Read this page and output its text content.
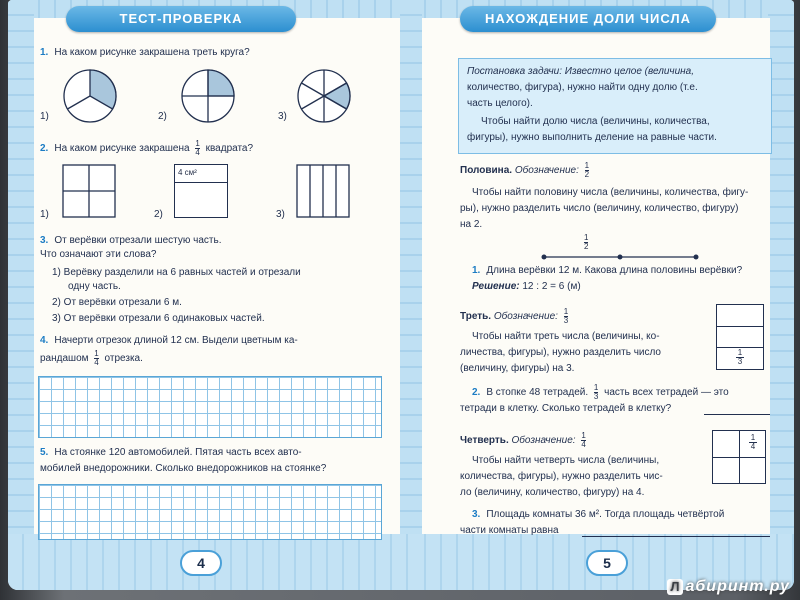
ТЕСТ-ПРОВЕРКА
1. На каком рисунке закрашена треть круга?
1)	2)	3)
2. На каком рисунке закрашена $\frac{1}{4}$ квадрата?
1)	2)	3)
4 см²
3. От верёвки отрезали шестую часть.
Что означают эти слова?
1) Верёвку разделили на 6 равных частей и отрезали
одну часть.
2) От верёвки отрезали 6 м.
3) От верёвки отрезали 6 одинаковых частей.
4. Начерти отрезок длиной 12 см. Выдели цветным ка-
рандашом $\frac{1}{4}$ отрезка.
5. На стоянке 120 автомобилей. Пятая часть всех авто-
мобилей внедорожники. Сколько внедорожников на стоянке?
4
НАХОЖДЕНИЕ ДОЛИ ЧИСЛА
Постановка задачи: Известно целое (величина,
количество, фигура), нужно найти одну долю (т.е.
часть целого).
Чтобы найти долю числа (величины, количества,
фигуры), нужно выполнить деление на равные части.
Половина. Обозначение: $\frac{1}{2}$
Чтобы найти половину числа (величины, количества, фигу-
ры), нужно разделить число (величину, количество, фигуру)
на 2.
$\frac{1}{2}$
1. Длина верёвки 12 м. Какова длина половины верёвки?
Решение: 12 : 2 = 6 (м)
Треть. Обозначение: $\frac{1}{3}$
Чтобы найти треть числа (величины, ко-
личества, фигуры), нужно разделить число
(величину, фигуры) на 3.
$\frac{1}{3}$
2. В стопке 48 тетрадей. $\frac{1}{3}$ часть всех тетрадей — это
тетради в клетку. Сколько тетрадей в клетку?
Четверть. Обозначение: $\frac{1}{4}$
Чтобы найти четверть числа (величины,
количества, фигуры), нужно разделить чис-
ло (величину, количество, фигуру) на 4.
$\frac{1}{4}$
3. Площадь комнаты 36 м². Тогда площадь четвёртой
части комнаты равна
5
Л абиринт.ру
